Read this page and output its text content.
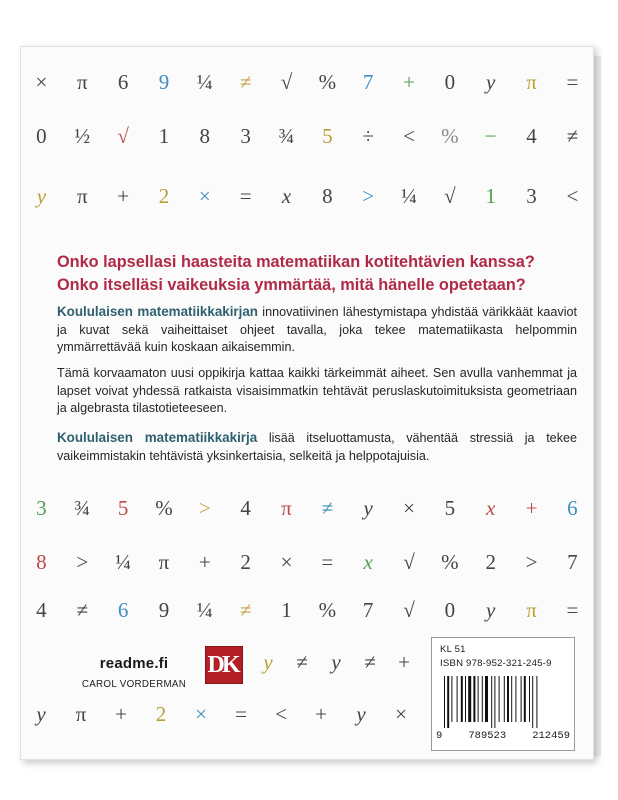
×	π	6	9	¼	≠	√	%	7	+	0	y	π	=
0	½	√	1	8	3	¾	5	÷	<	%	−	4	≠
y	π	+	2	×	=	x	8	>	¼	√	1	3	<
3	¾	5	%	>	4	π	≠	y	×	5	x	+	6
8	>	¼	π	+	2	×	=	x	√	%	2	>	7
4	≠	6	9	¼	≠	1	%	7	√	0	y	π	=
Onko lapsellasi haasteita matematiikan kotitehtävien kanssa?
Onko itselläsi vaikeuksia ymmärtää, mitä hänelle opetetaan?

Koululaisen matematiikkakirjan innovatiivinen lähestymistapa yhdistää värikkäät kaaviot ja kuvat sekä vaiheittaiset ohjeet tavalla, joka tekee matematiikasta helpommin ymmärrettävää kuin koskaan aikaisemmin.

Tämä korvaamaton uusi oppikirja kattaa kaikki tärkeimmät aiheet. Sen avulla vanhemmat ja lapset voivat yhdessä ratkaista visaisimmatkin tehtävät peruslaskutoimituksista geometriaan ja algebrasta tilastotieteeseen.

Koululaisen matematiikkakirja lisää itseluottamusta, vähentää stressiä ja tekee vaikeimmistakin tehtävistä yksinkertaisia, selkeitä ja helppotajuisia.

y	≠	y	≠	+
y	π	+	2	×	=	<	+	y	×
readme.fi
CAROL VORDERMAN
DK
KL 51
ISBN 978-952-321-245-9
9 789523 212459
